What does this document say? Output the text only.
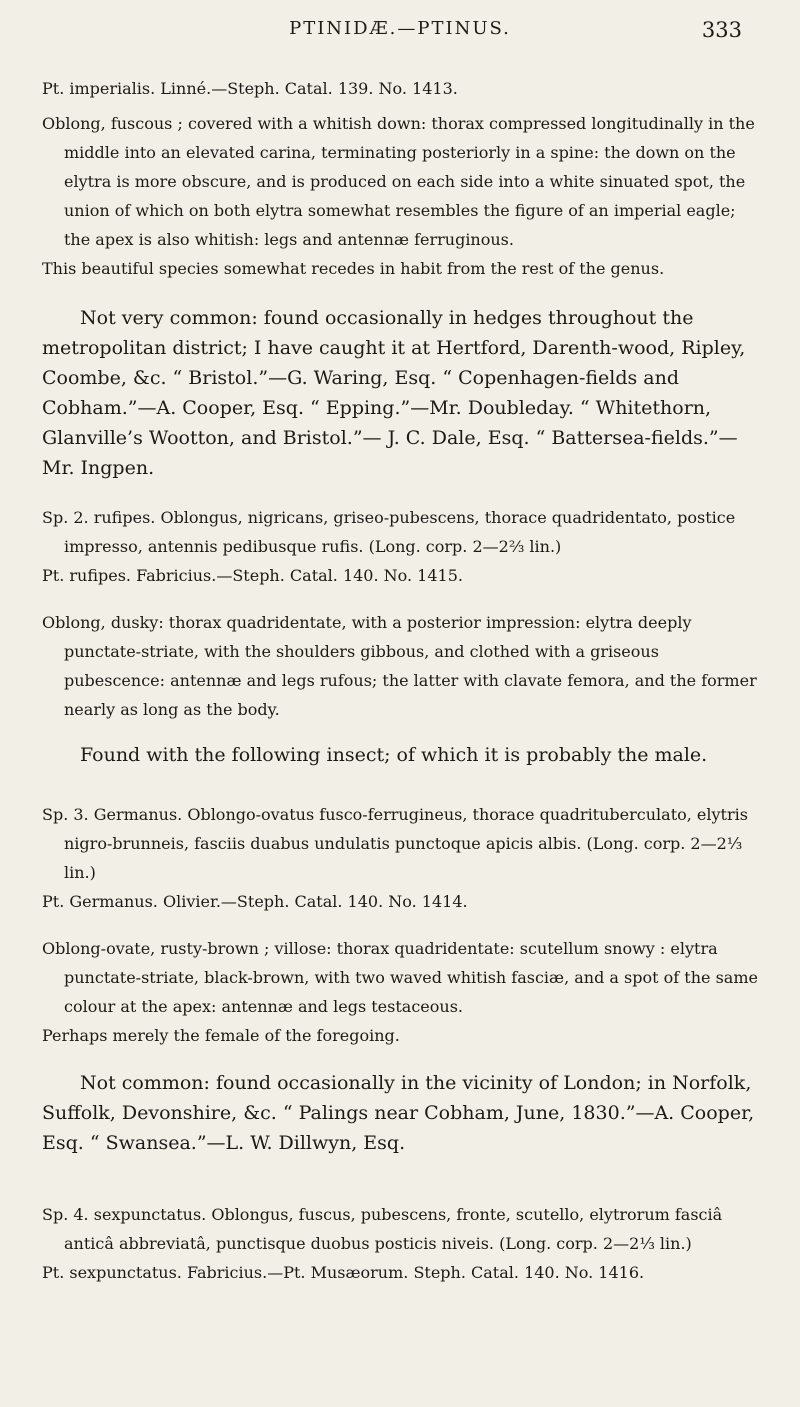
PTINIDÆ.—PTINUS.	333

Pt. imperialis. Linné.—Steph. Catal. 139. No. 1413.

Oblong, fuscous ; covered with a whitish down: thorax compressed longitudinally in the middle into an elevated carina, terminating posteriorly in a spine: the down on the elytra is more obscure, and is produced on each side into a white sinuated spot, the union of which on both elytra somewhat resembles the figure of an imperial eagle; the apex is also whitish: legs and antennæ ferruginous.

This beautiful species somewhat recedes in habit from the rest of the genus.

Not very common: found occasionally in hedges throughout the metropolitan district; I have caught it at Hertford, Darenth-wood, Ripley, Coombe, &c. “ Bristol.”—G. Waring, Esq. “ Copenhagen-fields and Cobham.”—A. Cooper, Esq. “ Epping.”—Mr. Doubleday. “ Whitethorn, Glanville’s Wootton, and Bristol.”— J. C. Dale, Esq. “ Battersea-fields.”—Mr. Ingpen.

Sp. 2. rufipes. Oblongus, nigricans, griseo-pubescens, thorace quadridentato, postice impresso, antennis pedibusque rufis. (Long. corp. 2—2⅔ lin.)

Pt. rufipes. Fabricius.—Steph. Catal. 140. No. 1415.

Oblong, dusky: thorax quadridentate, with a posterior impression: elytra deeply punctate-striate, with the shoulders gibbous, and clothed with a griseous pubescence: antennæ and legs rufous; the latter with clavate femora, and the former nearly as long as the body.

Found with the following insect; of which it is probably the male.

Sp. 3. Germanus. Oblongo-ovatus fusco-ferrugineus, thorace quadrituberculato, elytris nigro-brunneis, fasciis duabus undulatis punctoque apicis albis. (Long. corp. 2—2⅓ lin.)

Pt. Germanus. Olivier.—Steph. Catal. 140. No. 1414.

Oblong-ovate, rusty-brown ; villose: thorax quadridentate: scutellum snowy : elytra punctate-striate, black-brown, with two waved whitish fasciæ, and a spot of the same colour at the apex: antennæ and legs testaceous.

Perhaps merely the female of the foregoing.

Not common: found occasionally in the vicinity of London; in Norfolk, Suffolk, Devonshire, &c. “ Palings near Cobham, June, 1830.”—A. Cooper, Esq. “ Swansea.”—L. W. Dillwyn, Esq.

Sp. 4. sexpunctatus. Oblongus, fuscus, pubescens, fronte, scutello, elytrorum fasciâ anticâ abbreviatâ, punctisque duobus posticis niveis. (Long. corp. 2—2⅓ lin.)

Pt. sexpunctatus. Fabricius.—Pt. Musæorum. Steph. Catal. 140. No. 1416.
